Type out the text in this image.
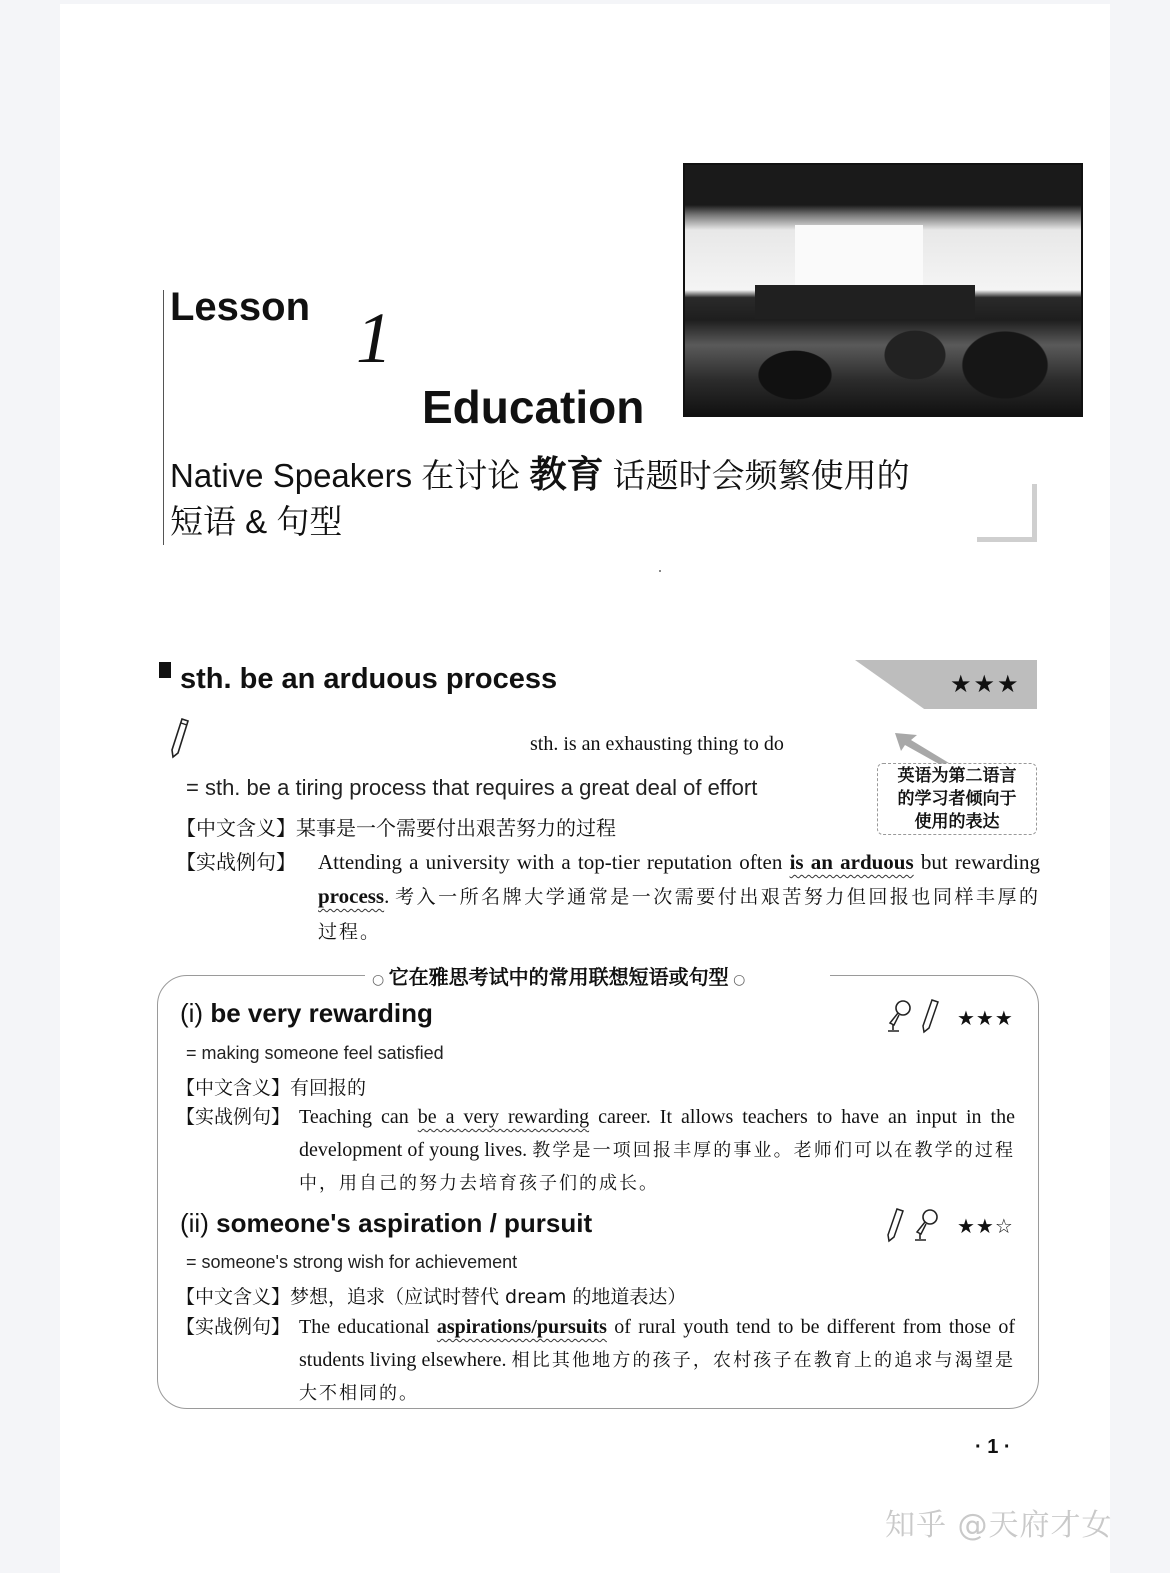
Lesson 1
Education
Native Speakers 在讨论 教育 话题时会频繁使用的
短语 & 句型
sth. be an arduous process	★★★
sth. is an exhausting thing to do
英语为第二语言
的学习者倾向于
使用的表达
= sth. be a tiring process that requires a great deal of effort
【中文含义】某事是一个需要付出艰苦努力的过程
【实战例句】 Attending a university with a top-tier reputation often is an arduous but rewarding process. 考入一所名牌大学通常是一次需要付出艰苦努力但回报也同样丰厚的过程。
○ 它在雅思考试中的常用联想短语或句型 ○
(i) be very rewarding
	★★★
= making someone feel satisfied
【中文含义】有回报的
【实战例句】 Teaching can be a very rewarding career. It allows teachers to have an input in the development of young lives. 教学是一项回报丰厚的事业。老师们可以在教学的过程中，用自己的努力去培育孩子们的成长。
(ii) someone's aspiration / pursuit
	★★☆
= someone's strong wish for achievement
【中文含义】梦想，追求（应试时替代 dream 的地道表达）
【实战例句】 The educational aspirations/pursuits of rural youth tend to be different from those of students living elsewhere. 相比其他地方的孩子，农村孩子在教育上的追求与渴望是大不相同的。
· 1 ·
知乎 @天府才女
